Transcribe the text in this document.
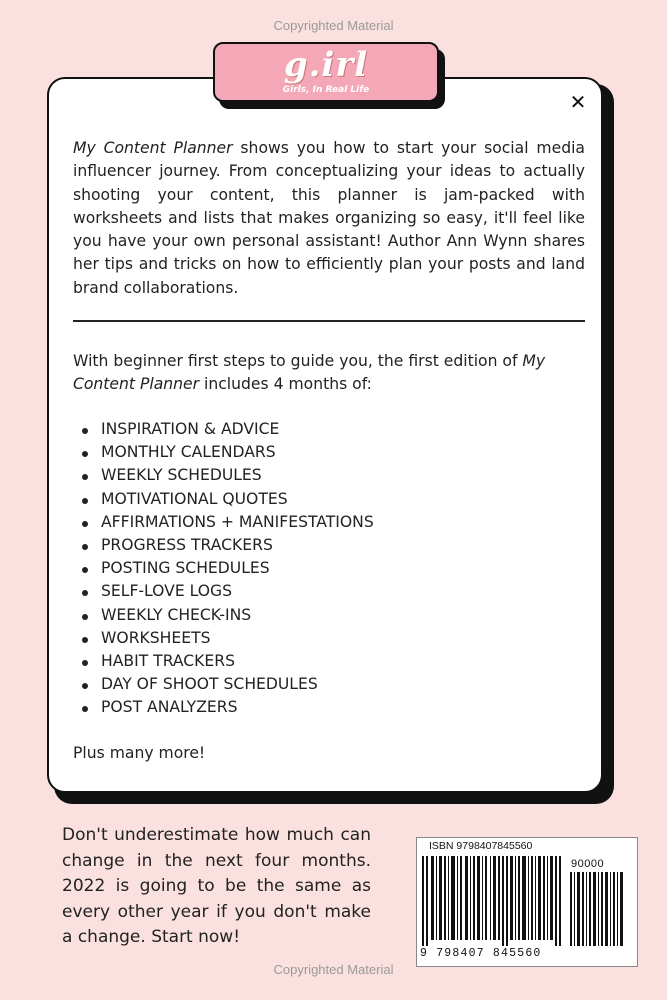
Copyrighted Material
✕
g.irl
Girls, In Real Life
My Content Planner shows you how to start your social media influencer journey. From conceptualizing your ideas to actually shooting your content, this planner is jam-packed with worksheets and lists that makes organizing so easy, it'll feel like you have your own personal assistant! Author Ann Wynn shares her tips and tricks on how to efficiently plan your posts and land brand collaborations.
With beginner first steps to guide you, the first edition of My Content Planner includes 4 months of:
INSPIRATION & ADVICE
MONTHLY CALENDARS
WEEKLY SCHEDULES
MOTIVATIONAL QUOTES
AFFIRMATIONS + MANIFESTATIONS
PROGRESS TRACKERS
POSTING SCHEDULES
SELF-LOVE LOGS
WEEKLY CHECK-INS
WORKSHEETS
HABIT TRACKERS
DAY OF SHOOT SCHEDULES
POST ANALYZERS
Plus many more!
Don't underestimate how much can change in the next four months. 2022 is going to be the same as every other year if you don't make a change. Start now!
ISBN 9798407845560
90000
9 798407 845560
Copyrighted Material
